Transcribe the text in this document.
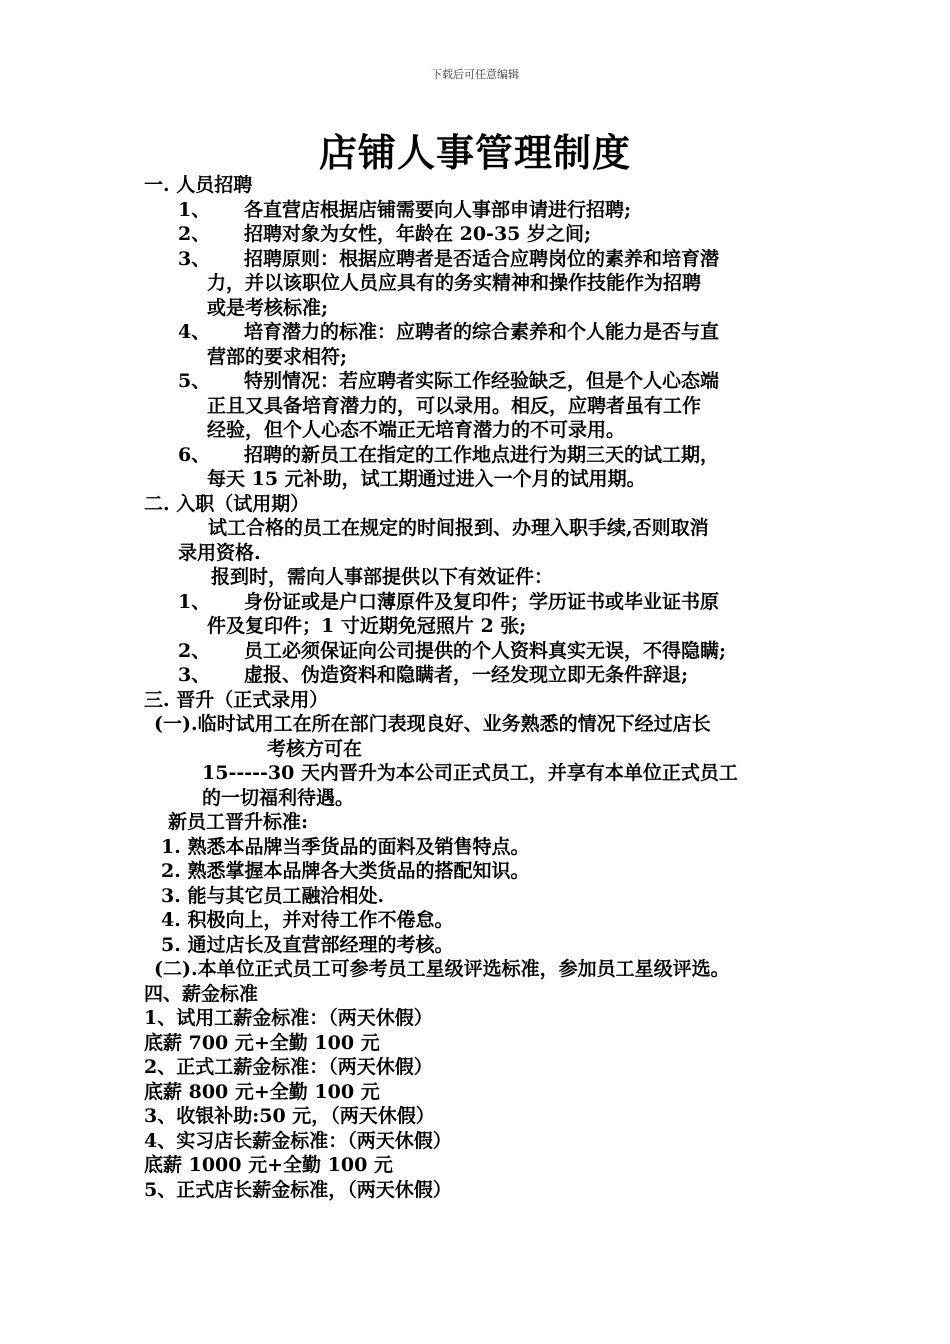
下载后可任意编辑
店铺人事管理制度
一. 人员招聘
1、	各直营店根据店铺需要向人事部申请进行招聘;
2、	招聘对象为女性，年龄在 20-35 岁之间;
3、	招聘原则：根据应聘者是否适合应聘岗位的素养和培育潜
力，并以该职位人员应具有的务实精神和操作技能作为招聘
或是考核标准;
4、	培育潜力的标准：应聘者的综合素养和个人能力是否与直
营部的要求相符;
5、	特别情况：若应聘者实际工作经验缺乏，但是个人心态端
正且又具备培育潜力的，可以录用。相反，应聘者虽有工作
经验，但个人心态不端正无培育潜力的不可录用。
6、	招聘的新员工在指定的工作地点进行为期三天的试工期，
每天 15 元补助，试工期通过进入一个月的试用期。
二. 入职（试用期）
试工合格的员工在规定的时间报到、办理入职手续,否则取消
录用资格.
报到时，需向人事部提供以下有效证件：
1、	身份证或是户口薄原件及复印件；学历证书或毕业证书原
件及复印件；1 寸近期免冠照片 2 张;
2、	员工必须保证向公司提供的个人资料真实无误，不得隐瞒;
3、	虚报、伪造资料和隐瞒者，一经发现立即无条件辞退;
三. 晋升（正式录用）
(一).临时试用工在所在部门表现良好、业务熟悉的情况下经过店长
考核方可在
15-----30 天内晋升为本公司正式员工，并享有本单位正式员工
的一切福利待遇。
新员工晋升标准:
1. 熟悉本品牌当季货品的面料及销售特点。
2. 熟悉掌握本品牌各大类货品的搭配知识。
3. 能与其它员工融洽相处.
4. 积极向上，并对待工作不倦怠。
5. 通过店长及直营部经理的考核。
(二).本单位正式员工可参考员工星级评选标准，参加员工星级评选。
四、薪金标准
1、试用工薪金标准：（两天休假）
底薪 700 元+全勤 100 元
2、正式工薪金标准：（两天休假）
底薪 800 元+全勤 100 元
3、收银补助:50 元，（两天休假）
4、实习店长薪金标准：（两天休假）
底薪 1000 元+全勤 100 元
5、正式店长薪金标准，（两天休假）
